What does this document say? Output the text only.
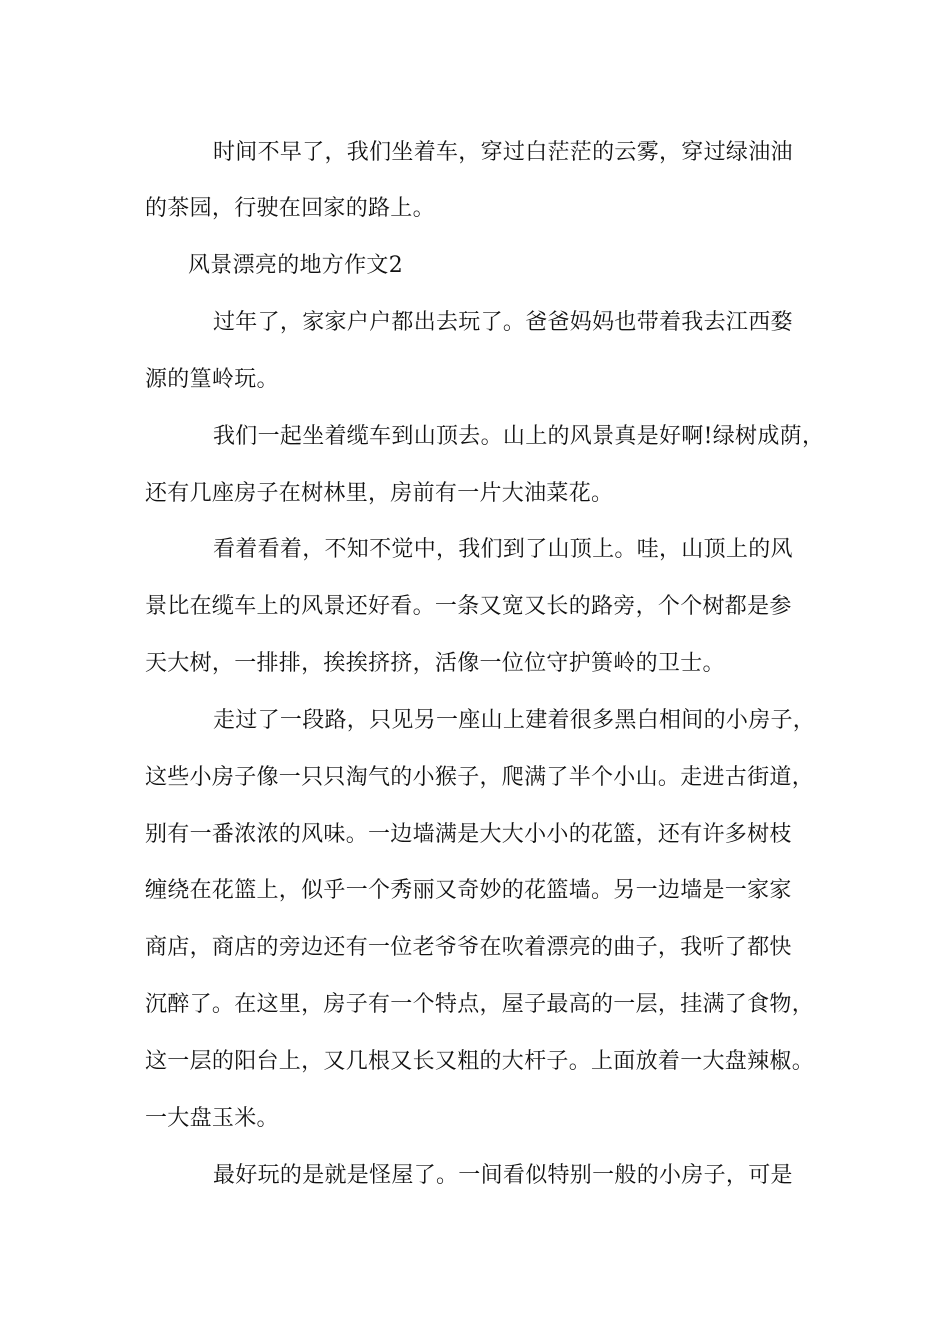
时间不早了，我们坐着车，穿过白茫茫的云雾，穿过绿油油
的茶园，行驶在回家的路上。
风景漂亮的地方作文2
过年了，家家户户都出去玩了。爸爸妈妈也带着我去江西婺
源的篁岭玩。
我们一起坐着缆车到山顶去。山上的风景真是好啊!绿树成荫，
还有几座房子在树林里，房前有一片大油菜花。
看着看着，不知不觉中，我们到了山顶上。哇，山顶上的风
景比在缆车上的风景还好看。一条又宽又长的路旁，个个树都是参
天大树，一排排，挨挨挤挤，活像一位位守护篑岭的卫士。
走过了一段路，只见另一座山上建着很多黑白相间的小房子，
这些小房子像一只只淘气的小猴子，爬满了半个小山。走进古街道，
别有一番浓浓的风味。一边墙满是大大小小的花篮，还有许多树枝
缠绕在花篮上，似乎一个秀丽又奇妙的花篮墙。另一边墙是一家家
商店，商店的旁边还有一位老爷爷在吹着漂亮的曲子，我听了都快
沉醉了。在这里，房子有一个特点，屋子最高的一层，挂满了食物，
这一层的阳台上，又几根又长又粗的大杆子。上面放着一大盘辣椒。
一大盘玉米。
最好玩的是就是怪屋了。一间看似特别一般的小房子，可是
